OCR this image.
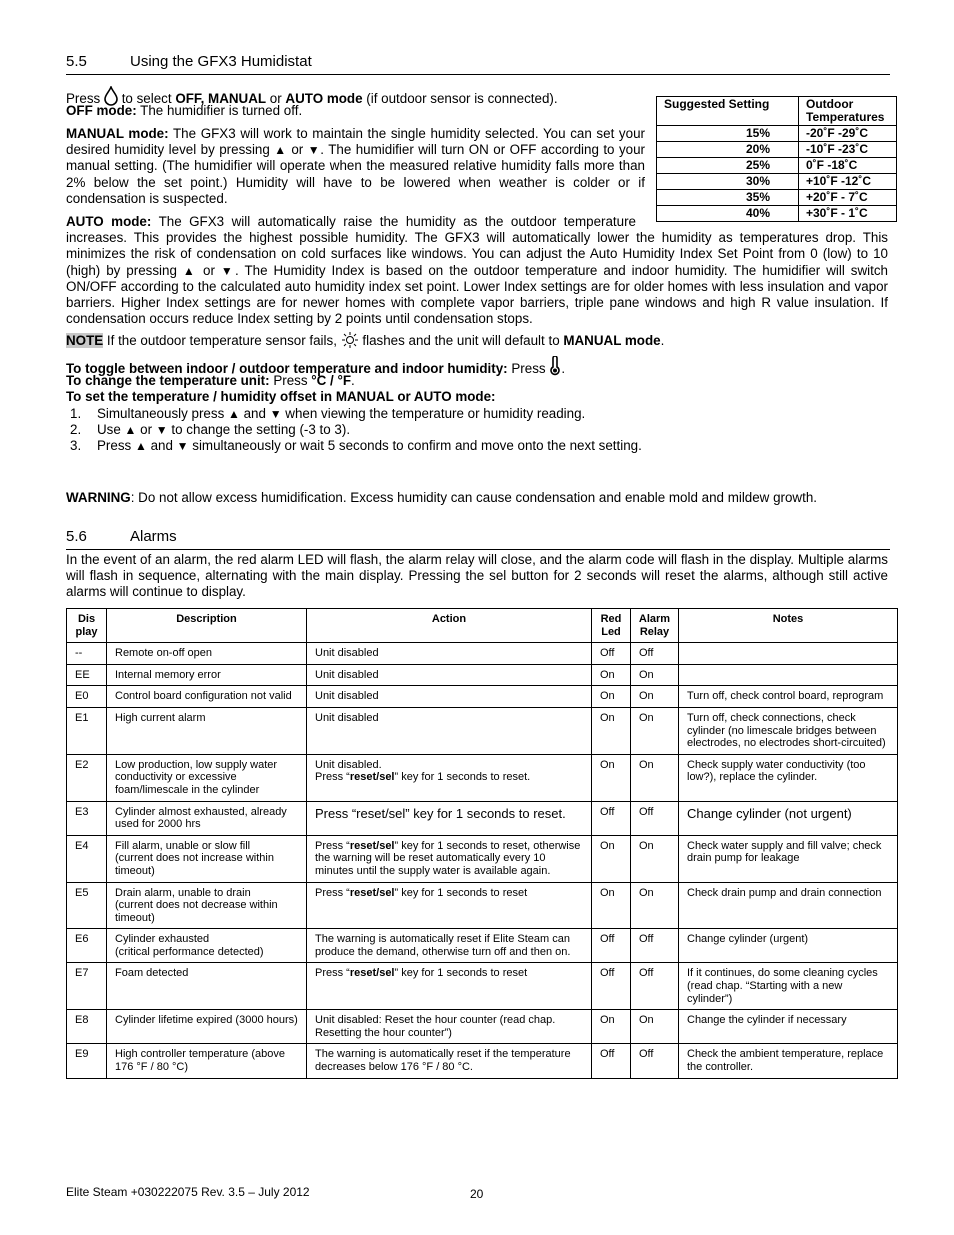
5.5	Using the GFX3 Humidistat
Press to select OFF, MANUAL or AUTO mode (if outdoor sensor is connected).
OFF mode: The humidifier is turned off.
MANUAL mode: The GFX3 will work to maintain the single humidity selected. You can set your desired humidity level by pressing ▲ or ▼. The humidifier will turn ON or OFF according to your manual setting. (The humidifier will operate when the measured relative humidity falls more than 2% below the set point.) Humidity will have to be lowered when weather is colder or if condensation is suspected.
Suggested Setting	Outdoor Temperatures
15%	-20˚F -29˚C
20%	-10˚F -23˚C
25%	0˚F -18˚C
30%	+10˚F -12˚C
35%	+20˚F - 7˚C
40%	+30˚F - 1˚C
AUTO mode: The GFX3 will automatically raise the humidity as the outdoor temperature increases. This provides the highest possible humidity. The GFX3 will automatically lower the humidity as temperatures drop. This minimizes the risk of condensation on cold surfaces like windows. You can adjust the Auto Humidity Index Set Point from 0 (low) to 10 (high) by pressing ▲ or ▼. The Humidity Index is based on the outdoor temperature and indoor humidity. The humidifier will switch ON/OFF according to the calculated auto humidity index set point. Lower Index settings are for older homes with less insulation and vapor barriers. Higher Index settings are for newer homes with complete vapor barriers, triple pane windows and high R value insulation. If condensation occurs reduce Index setting by 2 points until condensation stops.
NOTE If the outdoor temperature sensor fails,  flashes and the unit will default to MANUAL mode.
To toggle between indoor / outdoor temperature and indoor humidity: Press .
To change the temperature unit: Press °C / °F.
To set the temperature / humidity offset in MANUAL or AUTO mode:
1. Simultaneously press ▲ and ▼ when viewing the temperature or humidity reading.
2. Use ▲ or ▼ to change the setting (-3 to 3).
3. Press ▲ and ▼ simultaneously or wait 5 seconds to confirm and move onto the next setting.
WARNING: Do not allow excess humidification. Excess humidity can cause condensation and enable mold and mildew growth.
5.6	Alarms
In the event of an alarm, the red alarm LED will flash, the alarm relay will close, and the alarm code will flash in the display. Multiple alarms will flash in sequence, alternating with the main display. Pressing the sel button for 2 seconds will reset the alarms, although still active alarms will continue to display.
Dis play	Description	Action	Red Led	Alarm Relay	Notes
--	Remote on-off open	Unit disabled	Off	Off	
EE	Internal memory error	Unit disabled	On	On	
E0	Control board configuration not valid	Unit disabled	On	On	Turn off, check control board, reprogram
E1	High current alarm	Unit disabled	On	On	Turn off, check connections, check cylinder (no limescale bridges between electrodes, no electrodes short-circuited)
E2	Low production, low supply water conductivity or excessive foam/limescale in the cylinder	Unit disabled.
Press “reset/sel” key for 1 seconds to reset.	On	On	Check supply water conductivity (too low?), replace the cylinder.
E3	Cylinder almost exhausted, already used for 2000 hrs	Press “reset/sel” key for 1 seconds to reset.	Off	Off	Change cylinder (not urgent)
E4	Fill alarm, unable or slow fill
(current does not increase within timeout)	Press “reset/sel” key for 1 seconds to reset, otherwise the warning will be reset automatically every 10 minutes until the supply water is available again.	On	On	Check water supply and fill valve; check drain pump for leakage
E5	Drain alarm, unable to drain
(current does not decrease within timeout)	Press “reset/sel” key for 1 seconds to reset	On	On	Check drain pump and drain connection
E6	Cylinder exhausted
(critical performance detected)	The warning is automatically reset if Elite Steam can produce the demand, otherwise turn off and then on.	Off	Off	Change cylinder (urgent)
E7	Foam detected	Press “reset/sel” key for 1 seconds to reset	Off	Off	If it continues, do some cleaning cycles (read chap. “Starting with a new cylinder”)
E8	Cylinder lifetime expired (3000 hours)	Unit disabled: Reset the hour counter (read chap. Resetting the hour counter”)	On	On	Change the cylinder if necessary
E9	High controller temperature (above 176 °F / 80 °C)	The warning is automatically reset if the temperature decreases below 176 °F / 80 °C.	Off	Off	Check the ambient temperature, replace the controller.
Elite Steam +030222075 Rev. 3.5 – July 2012	20
